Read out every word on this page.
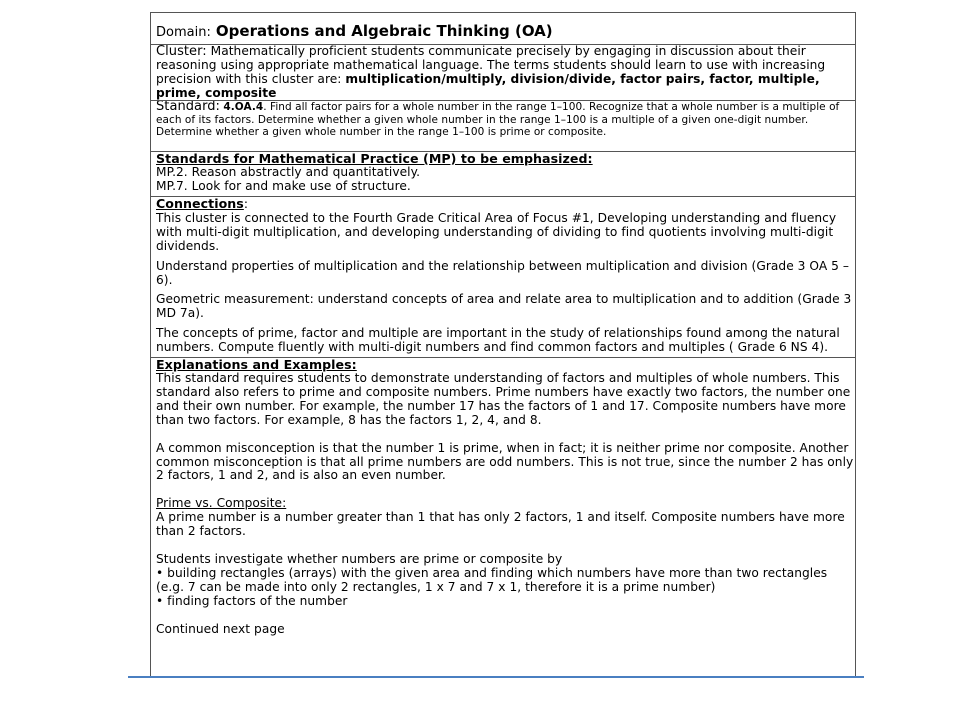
Domain: Operations and Algebraic Thinking (OA)
Cluster: Mathematically proficient students communicate precisely by engaging in discussion about their reasoning using appropriate mathematical language. The terms students should learn to use with increasing precision with this cluster are: multiplication/multiply, division/divide, factor pairs, factor, multiple, prime, composite
Standard: 4.OA.4. Find all factor pairs for a whole number in the range 1–100. Recognize that a whole number is a multiple of each of its factors. Determine whether a given whole number in the range 1–100 is a multiple of a given one-digit number. Determine whether a given whole number in the range 1–100 is prime or composite.
Standards for Mathematical Practice (MP) to be emphasized:
MP.2. Reason abstractly and quantitatively.
MP.7. Look for and make use of structure.
Connections:
This cluster is connected to the Fourth Grade Critical Area of Focus #1, Developing understanding and fluency with multi-digit multiplication, and developing understanding of dividing to find quotients involving multi-digit dividends.
Understand properties of multiplication and the relationship between multiplication and division (Grade 3 OA 5 – 6).
Geometric measurement: understand concepts of area and relate area to multiplication and to addition (Grade 3 MD 7a).
The concepts of prime, factor and multiple are important in the study of relationships found among the natural numbers. Compute fluently with multi-digit numbers and find common factors and multiples ( Grade 6 NS 4).
Explanations and Examples:
This standard requires students to demonstrate understanding of factors and multiples of whole numbers. This standard also refers to prime and composite numbers. Prime numbers have exactly two factors, the number one and their own number. For example, the number 17 has the factors of 1 and 17. Composite numbers have more than two factors. For example, 8 has the factors 1, 2, 4, and 8.
A common misconception is that the number 1 is prime, when in fact; it is neither prime nor composite. Another common misconception is that all prime numbers are odd numbers. This is not true, since the number 2 has only 2 factors, 1 and 2, and is also an even number.
Prime vs. Composite:
A prime number is a number greater than 1 that has only 2 factors, 1 and itself. Composite numbers have more than 2 factors.
Students investigate whether numbers are prime or composite by
• building rectangles (arrays) with the given area and finding which numbers have more than two rectangles (e.g. 7 can be made into only 2 rectangles, 1 x 7 and 7 x 1, therefore it is a prime number)
• finding factors of the number
Continued next page
